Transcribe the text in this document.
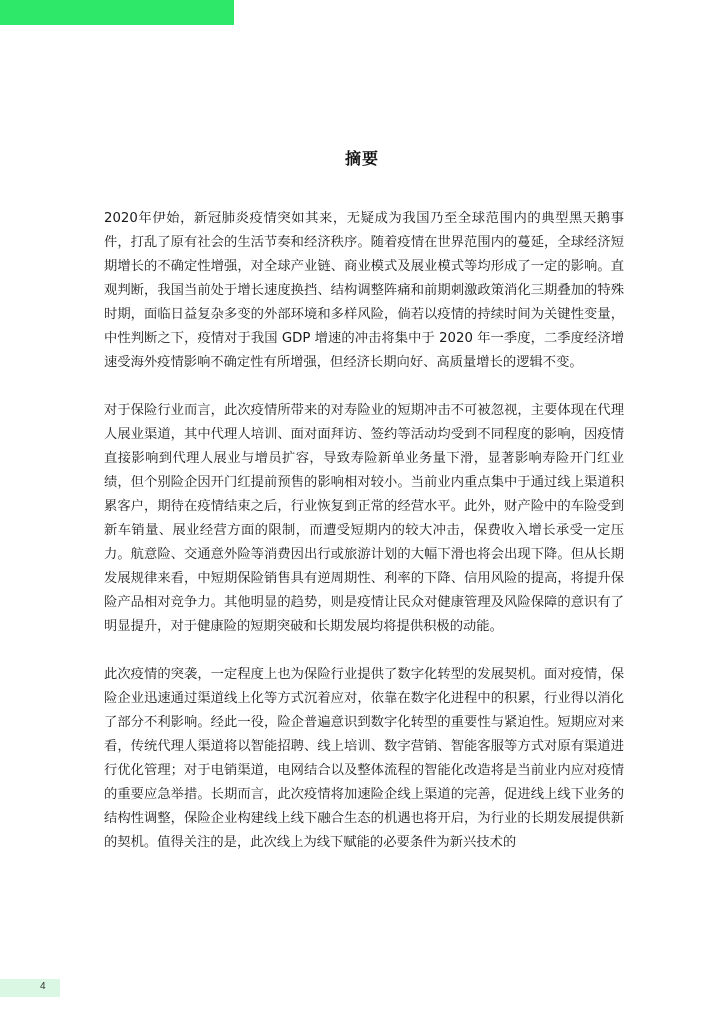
摘要

2020年伊始，新冠肺炎疫情突如其来，无疑成为我国乃至全球范围内的典型黑天鹅事件，打乱了原有社会的生活节奏和经济秩序。随着疫情在世界范围内的蔓延，全球经济短期增长的不确定性增强，对全球产业链、商业模式及展业模式等均形成了一定的影响。直观判断，我国当前处于增长速度换挡、结构调整阵痛和前期刺激政策消化三期叠加的特殊时期，面临日益复杂多变的外部环境和多样风险，倘若以疫情的持续时间为关键性变量，中性判断之下，疫情对于我国 GDP 增速的冲击将集中于 2020 年一季度，二季度经济增速受海外疫情影响不确定性有所增强，但经济长期向好、高质量增长的逻辑不变。

对于保险行业而言，此次疫情所带来的对寿险业的短期冲击不可被忽视，主要体现在代理人展业渠道，其中代理人培训、面对面拜访、签约等活动均受到不同程度的影响，因疫情直接影响到代理人展业与增员扩容，导致寿险新单业务量下滑，显著影响寿险开门红业绩，但个别险企因开门红提前预售的影响相对较小。当前业内重点集中于通过线上渠道积累客户，期待在疫情结束之后，行业恢复到正常的经营水平。此外，财产险中的车险受到新车销量、展业经营方面的限制，而遭受短期内的较大冲击，保费收入增长承受一定压力。航意险、交通意外险等消费因出行或旅游计划的大幅下滑也将会出现下降。但从长期发展规律来看，中短期保险销售具有逆周期性、利率的下降、信用风险的提高，将提升保险产品相对竞争力。其他明显的趋势，则是疫情让民众对健康管理及风险保障的意识有了明显提升，对于健康险的短期突破和长期发展均将提供积极的动能。

此次疫情的突袭，一定程度上也为保险行业提供了数字化转型的发展契机。面对疫情，保险企业迅速通过渠道线上化等方式沉着应对，依靠在数字化进程中的积累，行业得以消化了部分不利影响。经此一役，险企普遍意识到数字化转型的重要性与紧迫性。短期应对来看，传统代理人渠道将以智能招聘、线上培训、数字营销、智能客服等方式对原有渠道进行优化管理；对于电销渠道，电网结合以及整体流程的智能化改造将是当前业内应对疫情的重要应急举措。长期而言，此次疫情将加速险企线上渠道的完善，促进线上线下业务的结构性调整，保险企业构建线上线下融合生态的机遇也将开启，为行业的长期发展提供新的契机。值得关注的是，此次线上为线下赋能的必要条件为新兴技术的

4
